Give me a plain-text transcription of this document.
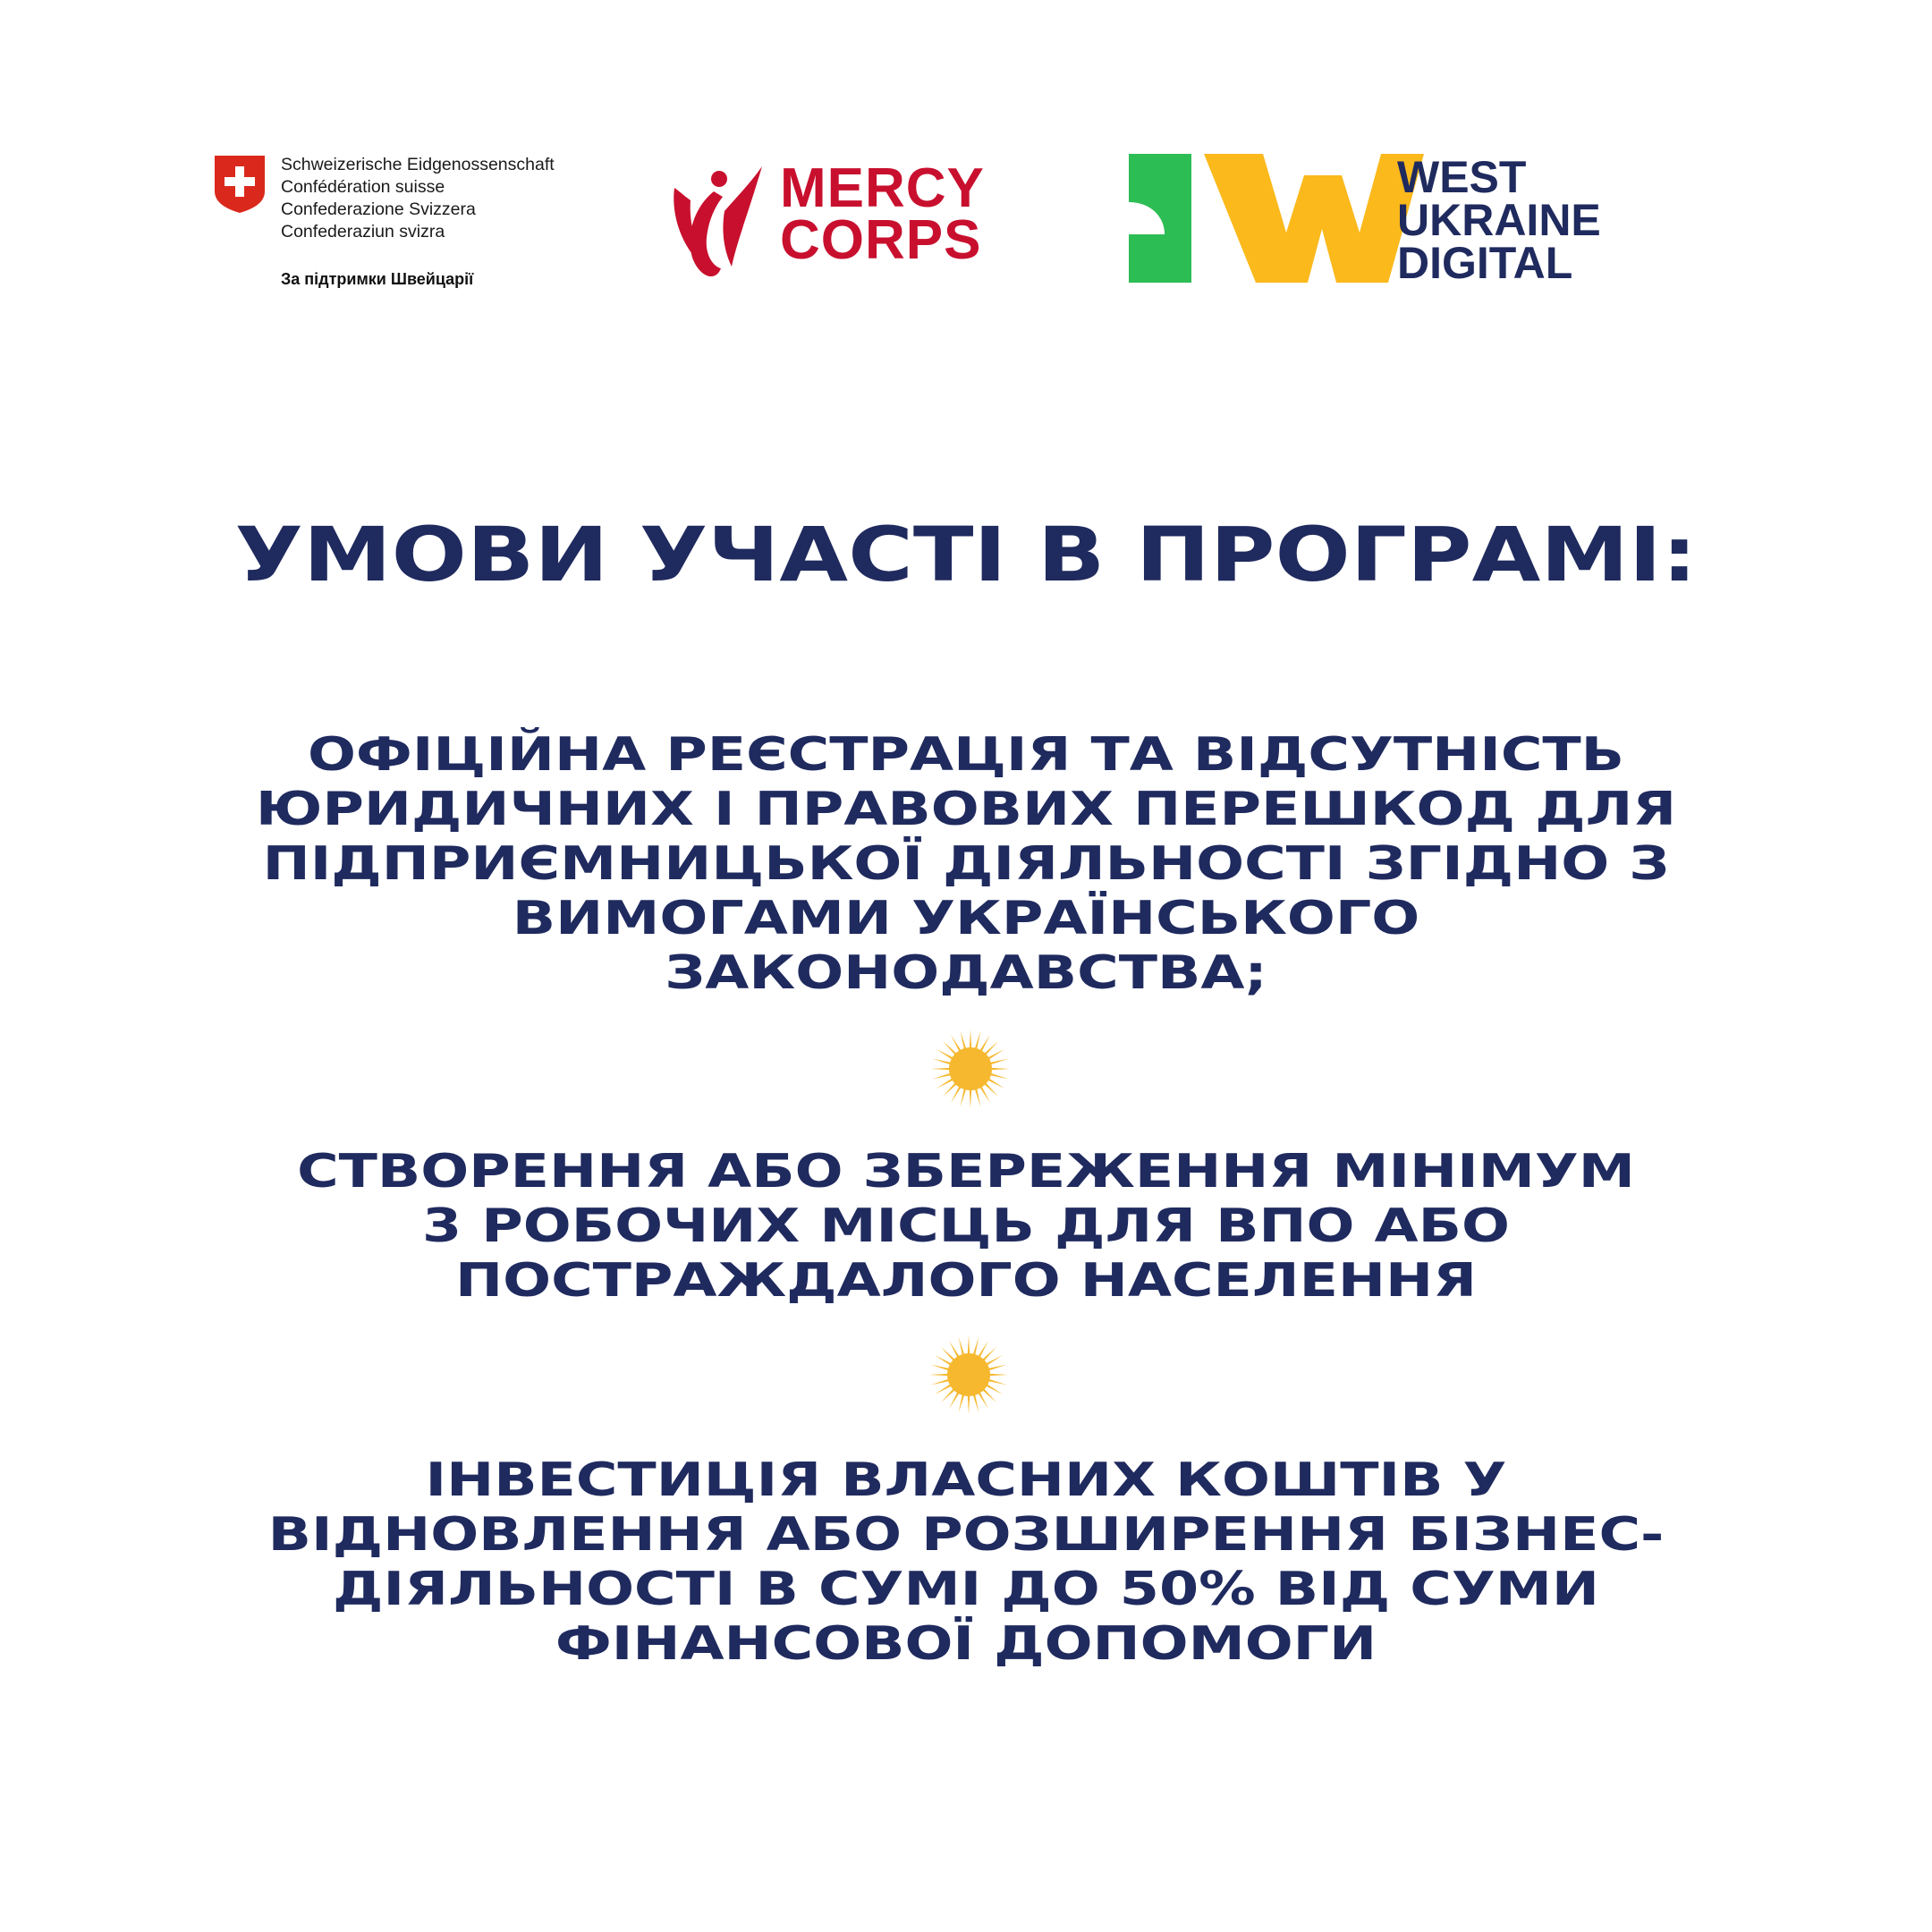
Schweizerische Eidgenossenschaft
Confédération suisse
Confederazione Svizzera
Confederaziun svizra
За підтримки Швейцарії
MERCY
CORPS
WEST
UKRAINE
DIGITAL
УМОВИ УЧАСТІ В ПРОГРАМІ:
ОФІЦІЙНА РЕЄСТРАЦІЯ ТА ВІДСУТНІСТЬ
ЮРИДИЧНИХ І ПРАВОВИХ ПЕРЕШКОД ДЛЯ
ПІДПРИЄМНИЦЬКОЇ ДІЯЛЬНОСТІ ЗГІДНО З
ВИМОГАМИ УКРАЇНСЬКОГО
ЗАКОНОДАВСТВА;
СТВОРЕННЯ АБО ЗБЕРЕЖЕННЯ МІНІМУМ
3 РОБОЧИХ МІСЦЬ ДЛЯ ВПО АБО
ПОСТРАЖДАЛОГО НАСЕЛЕННЯ
ІНВЕСТИЦІЯ ВЛАСНИХ КОШТІВ У
ВІДНОВЛЕННЯ АБО РОЗШИРЕННЯ БІЗНЕС-
ДІЯЛЬНОСТІ В СУМІ ДО 50% ВІД СУМИ
ФІНАНСОВОЇ ДОПОМОГИ
